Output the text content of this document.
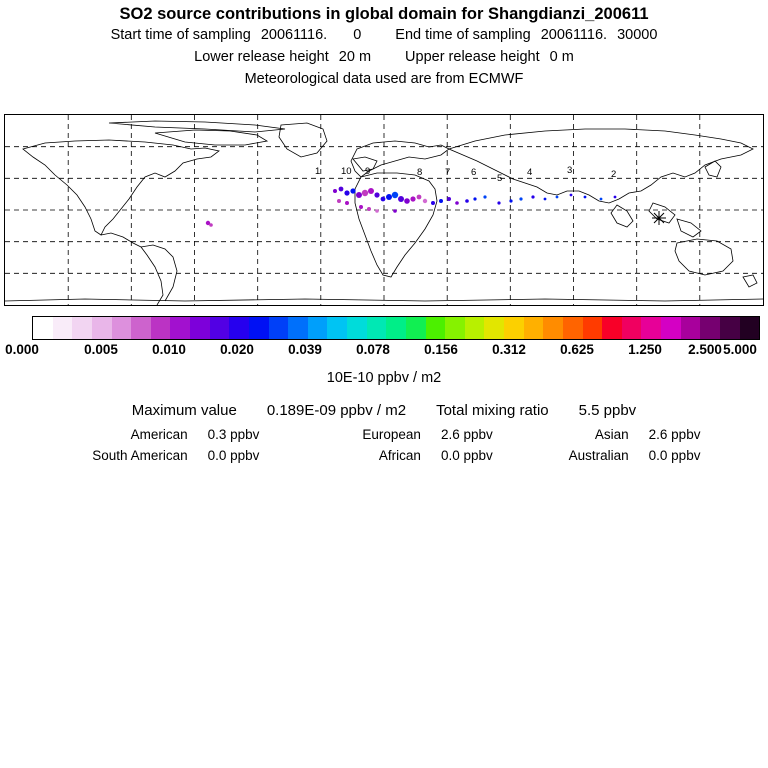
SO2 source contributions in global domain for Shangdianzi_200611
Start time of sampling 20061116. 0 End time of sampling 20061116. 30000
Lower release height 20 m Upper release height 0 m
Meteorological data used are from ECMWF
1 10 9	8 7 6
5
4	3	2
0.000	0.005	0.010	0.020	0.039	0.078	0.156	0.312	0.625	1.250 2.500 5.000
10E-10 ppbv / m2
Maximum value 0.189E-09 ppbv / m2 Total mixing ratio 5.5 ppbv
American	0.3 ppbv	European	2.6 ppbv	Asian	2.6 ppbv
South American	0.0 ppbv	African	0.0 ppbv	Australian	0.0 ppbv
